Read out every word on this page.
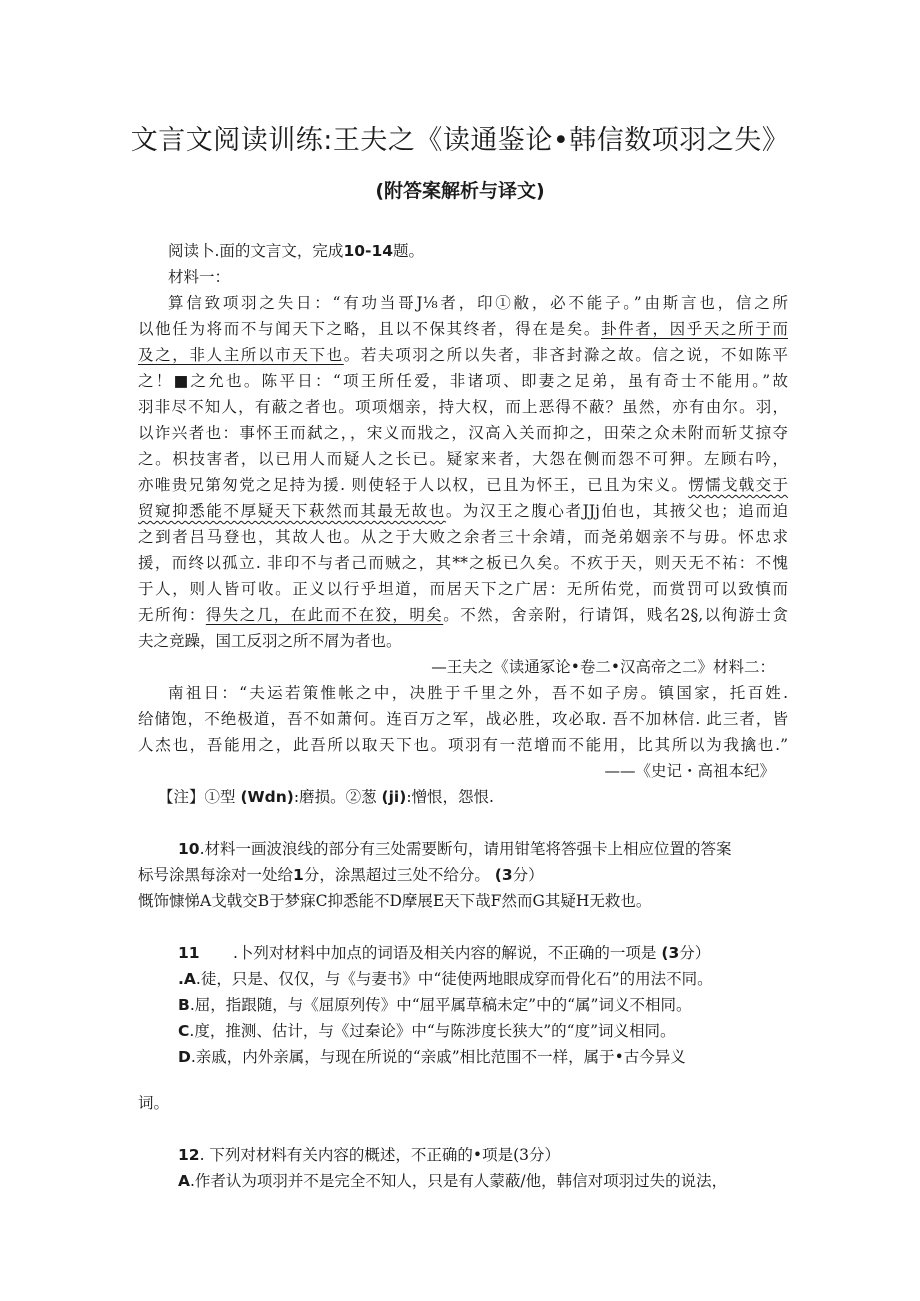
文言文阅读训练:王夫之《读通鉴论•韩信数项羽之失》
(附答案解析与译文)
阅读卜.面的文言文，完成10-14题。
材料一：
算信致项羽之失日：“有功当哥J⅛者，印①敝，必不能子。”由斯言也，信之所
以他任为将而不与闻天下之略，且以不保其终者，得在是矣。卦件者，因乎天之所于而
及之，非人主所以市天下也。若夫项羽之所以失者，非吝封滁之故。信之说，不如陈平
之！■之允也。陈平日：“项王所任爱，非诸项、即妻之足弟，虽有奇士不能用。”故
羽非尽不知人，有蔽之者也。项项烟亲，持大权，而上恶得不蔽？虽然，亦有由尔。羽，
以诈兴者也：事怀王而弑之，，宋义而戕之，汉高入关而抑之，田荣之众未附而斩艾掠夺
之。枳技害者，以已用人而疑人之长已。疑家来者，大怨在侧而怨不可狎。左顾右吟，
亦唯贵兄第匆党之足持为援. 则使轻于人以权，已且为怀王，已且为宋义。愣懦戈戟交于
贸窥抑悉能不厚疑天下萩然而其最无故也。为汉王之腹心者JJj伯也，其掖父也；追而迫
之到者吕马登也，其故人也。从之于大败之余者三十余靖，而尧弟姻亲不与毋。怀忠求
援，而终以孤立. 非印不与者己而贼之，其**之板已久矣。不疚于天，则天无不祐：不愧
于人，则人皆可收。正义以行乎坦道，而居天下之广居：无所佑党，而赏罚可以致慎而
无所徇：得失之几，在此而不在狡，明矣。不然，舍亲附，行请饵，贱名2§,以徇游士贪
夫之竞躁，国工反羽之所不屑为者也。
—王夫之《读通冢论•卷二•汉高帝之二》材料二：
南祖日：“夫运若策惟帐之中，决胜于千里之外，吾不如子房。镇国家，托百姓.
给储饱，不绝极道，吾不如萧何。连百万之军，战必胜，攻必取. 吾不加林信. 此三者，皆
人杰也，吾能用之，此吾所以取天下也。项羽有一范增而不能用，比其所以为我擒也.”
——《史记・高祖本纪》
【注】①型 (Wdn):磨损。②葱 (ji):憎恨，怨恨.
10.材料一画波浪线的部分有三处需要断句，请用钳笔将答强卡上相应位置的答案
标号涂黑每涂对一处给1分，涂黑超过三处不给分。 (3分）
慨饰慷悌A戈戟交B于梦寐C抑悉能不D摩展E天下哉F然而G其疑H无救也。
11 .卜列对材料中加点的词语及相关内容的解说，不正确的一项是 (3分）
.A.徒，只是、仅仅，与《与妻书》中“徒使两地眼成穿而骨化石”的用法不同。
B.屈，指跟随，与《屈原列传》中“屈平属草稿未定”中的“属”词义不相同。
C.度，推测、估计，与《过秦论》中“与陈涉度长狭大”的“度”词义相同。
D.亲戚，内外亲属，与现在所说的“亲戚”相比范围不一样，属于•古今异义
词。
12. 下列对材料有关内容的概述，不正确的•项是(3分）
A.作者认为项羽并不是完全不知人，只是有人蒙蔽/他，韩信对项羽过失的说法，
